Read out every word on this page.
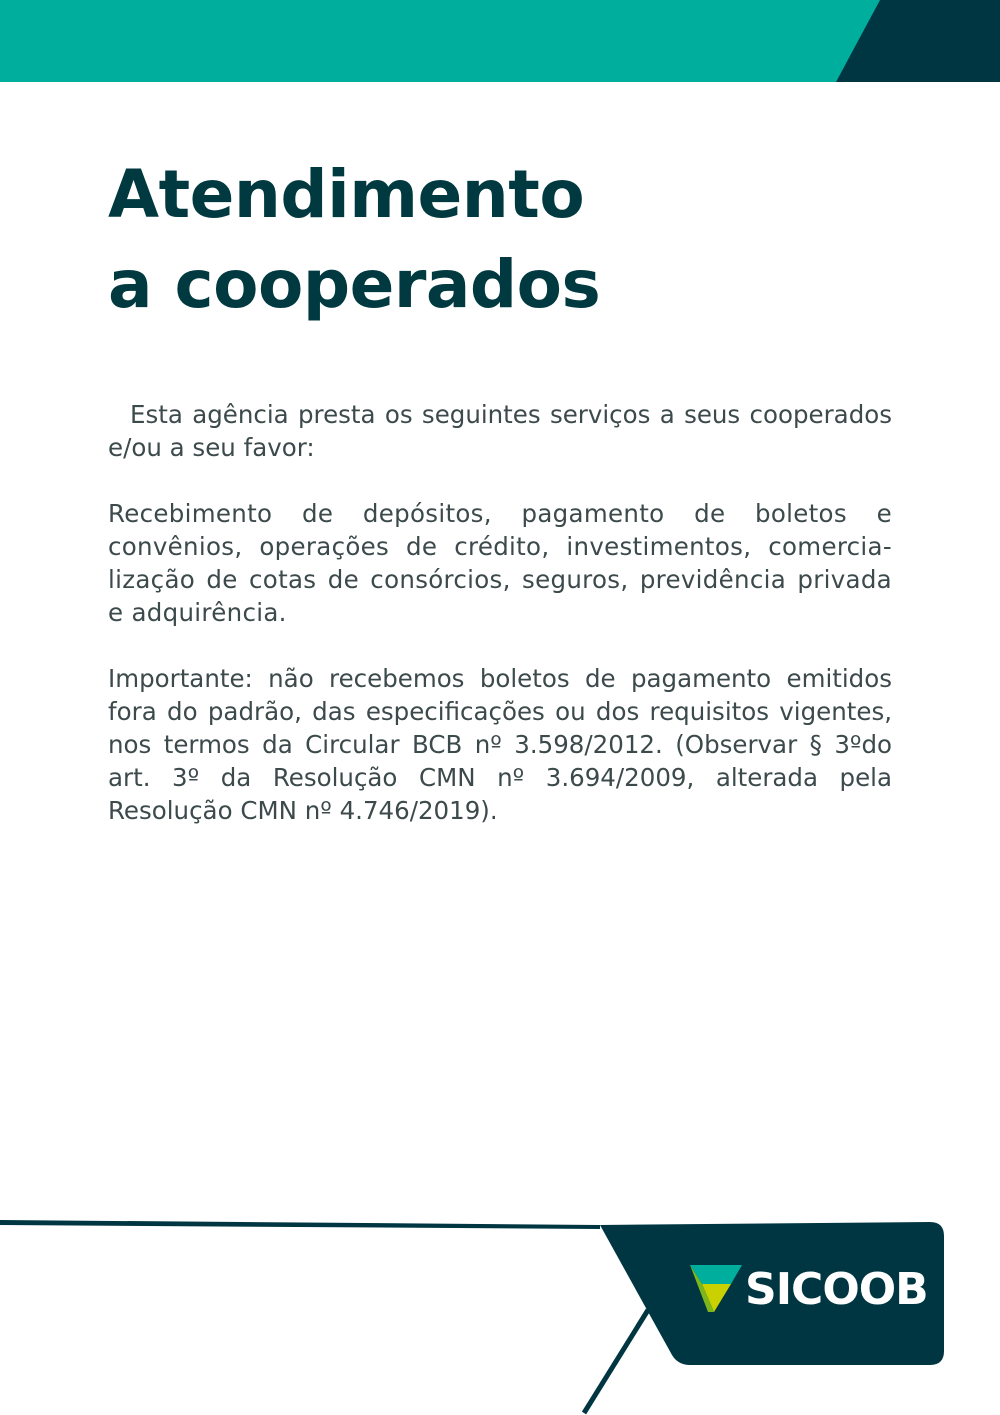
Atendimento
a cooperados

Esta agência presta os seguintes serviços a seus cooperados e/ou a seu favor:

Recebimento de depósitos, pagamento de boletos e convênios, operações de crédito, investimentos, comercia-lização de cotas de consórcios, seguros, previdência privada e adquirência.

Importante: não recebemos boletos de pagamento emitidos fora do padrão, das especificações ou dos requisitos vigentes, nos termos da Circular BCB nº 3.598/2012. (Observar § 3ºdo art. 3º da Resolução CMN nº 3.694/2009, alterada pela Resolução CMN nº 4.746/2019).

SICOOB
